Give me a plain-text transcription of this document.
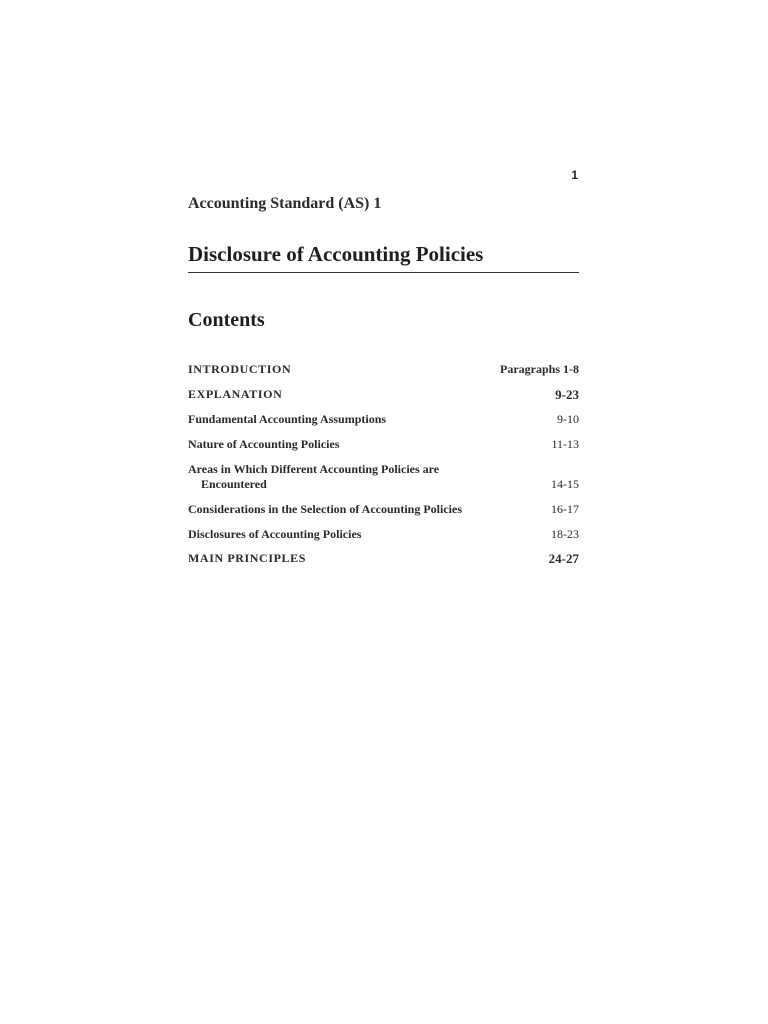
1
Accounting Standard (AS) 1
Disclosure of Accounting Policies
Contents
INTRODUCTION	Paragraphs 1-8
EXPLANATION	9-23
Fundamental Accounting Assumptions	9-10
Nature of Accounting Policies	11-13
Areas in Which Different Accounting Policies are
Encountered	14-15
Considerations in the Selection of Accounting Policies	16-17
Disclosures of Accounting Policies	18-23
MAIN PRINCIPLES	24-27
